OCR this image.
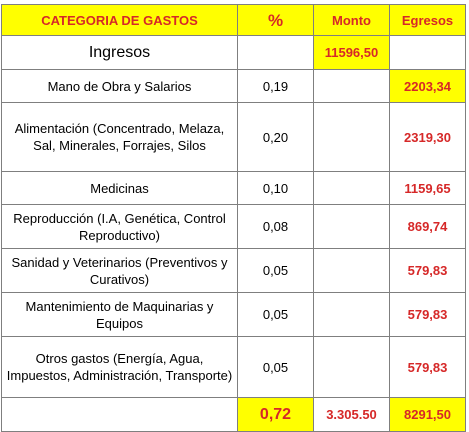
CATEGORIA DE GASTOS	%	Monto	Egresos
Ingresos		11596,50	
Mano de Obra y Salarios	0,19		2203,34
Alimentación (Concentrado, Melaza, Sal, Minerales, Forrajes, Silos	0,20		2319,30
Medicinas	0,10		1159,65
Reproducción (I.A, Genética, Control Reproductivo)	0,08		869,74
Sanidad y Veterinarios (Preventivos y Curativos)	0,05		579,83
Mantenimiento de Maquinarias y Equipos	0,05		579,83
Otros gastos (Energía, Agua, Impuestos, Administración, Transporte)	0,05		579,83
	0,72	3.305.50	8291,50
